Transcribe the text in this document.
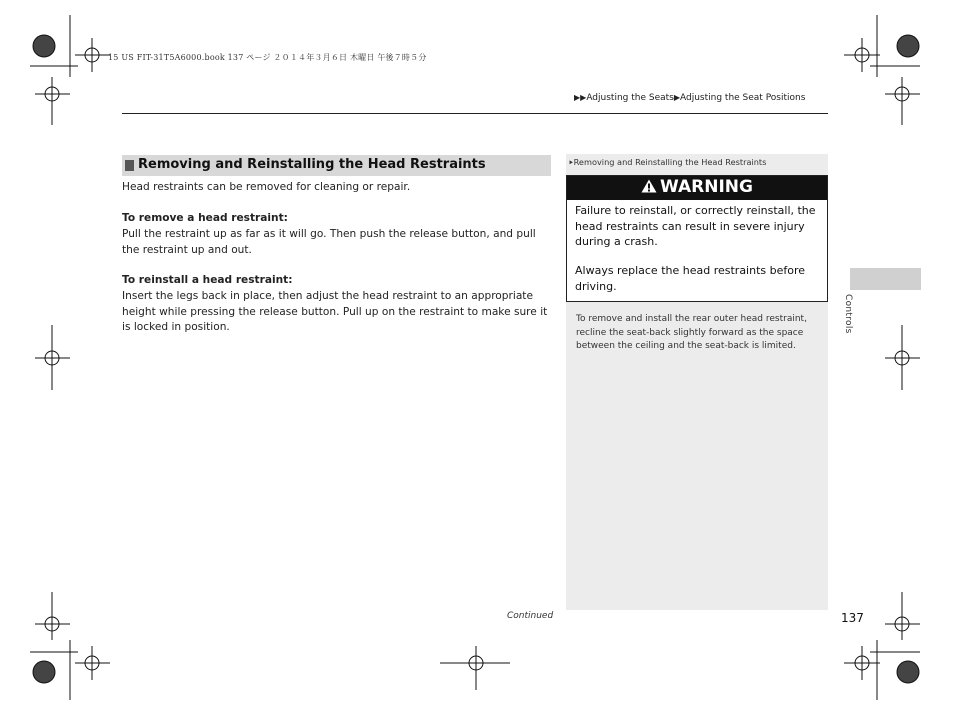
15 US FIT-31T5A6000.book 137 ページ ２０１４年３月６日 木曜日 午後７時５分
▶▶Adjusting the Seats▶Adjusting the Seat Positions
Removing and Reinstalling the Head Restraints
Head restraints can be removed for cleaning or repair.
To remove a head restraint:
Pull the restraint up as far as it will go. Then push the release button, and pull the restraint up and out.
To reinstall a head restraint:
Insert the legs back in place, then adjust the head restraint to an appropriate height while pressing the release button. Pull up on the restraint to make sure it is locked in position.
⯈Removing and Reinstalling the Head Restraints
WARNING
Failure to reinstall, or correctly reinstall, the head restraints can result in severe injury during a crash.
Always replace the head restraints before driving.
To remove and install the rear outer head restraint, recline the seat-back slightly forward as the space between the ceiling and the seat-back is limited.
Controls
Continued	137
